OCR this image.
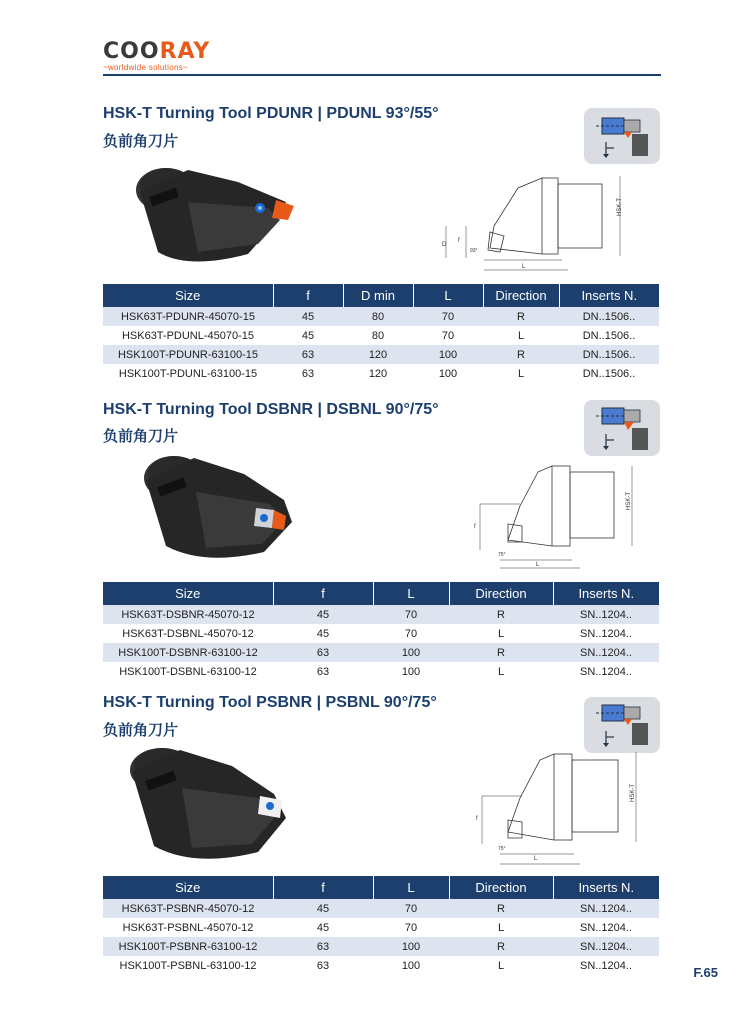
COORAY
~worldwide solutions~
HSK-T Turning Tool PDUNR | PDUNL 93°/55°
负前角刀片
HSK-T
D
f
L
93°
Size	f	D min	L	Direction	Inserts N.
HSK63T-PDUNR-45070-15	45	80	70	R	DN..1506..
HSK63T-PDUNL-45070-15	45	80	70	L	DN..1506..
HSK100T-PDUNR-63100-15	63	120	100	R	DN..1506..
HSK100T-PDUNL-63100-15	63	120	100	L	DN..1506..
HSK-T Turning Tool DSBNR | DSBNL 90°/75°
负前角刀片
HSK-T
f
L
75°
Size	f	L	Direction	Inserts N.
HSK63T-DSBNR-45070-12	45	70	R	SN..1204..
HSK63T-DSBNL-45070-12	45	70	L	SN..1204..
HSK100T-DSBNR-63100-12	63	100	R	SN..1204..
HSK100T-DSBNL-63100-12	63	100	L	SN..1204..
HSK-T Turning Tool PSBNR | PSBNL 90°/75°
负前角刀片
HSK-T
f
L
75°
Size	f	L	Direction	Inserts N.
HSK63T-PSBNR-45070-12	45	70	R	SN..1204..
HSK63T-PSBNL-45070-12	45	70	L	SN..1204..
HSK100T-PSBNR-63100-12	63	100	R	SN..1204..
HSK100T-PSBNL-63100-12	63	100	L	SN..1204..	F.65
